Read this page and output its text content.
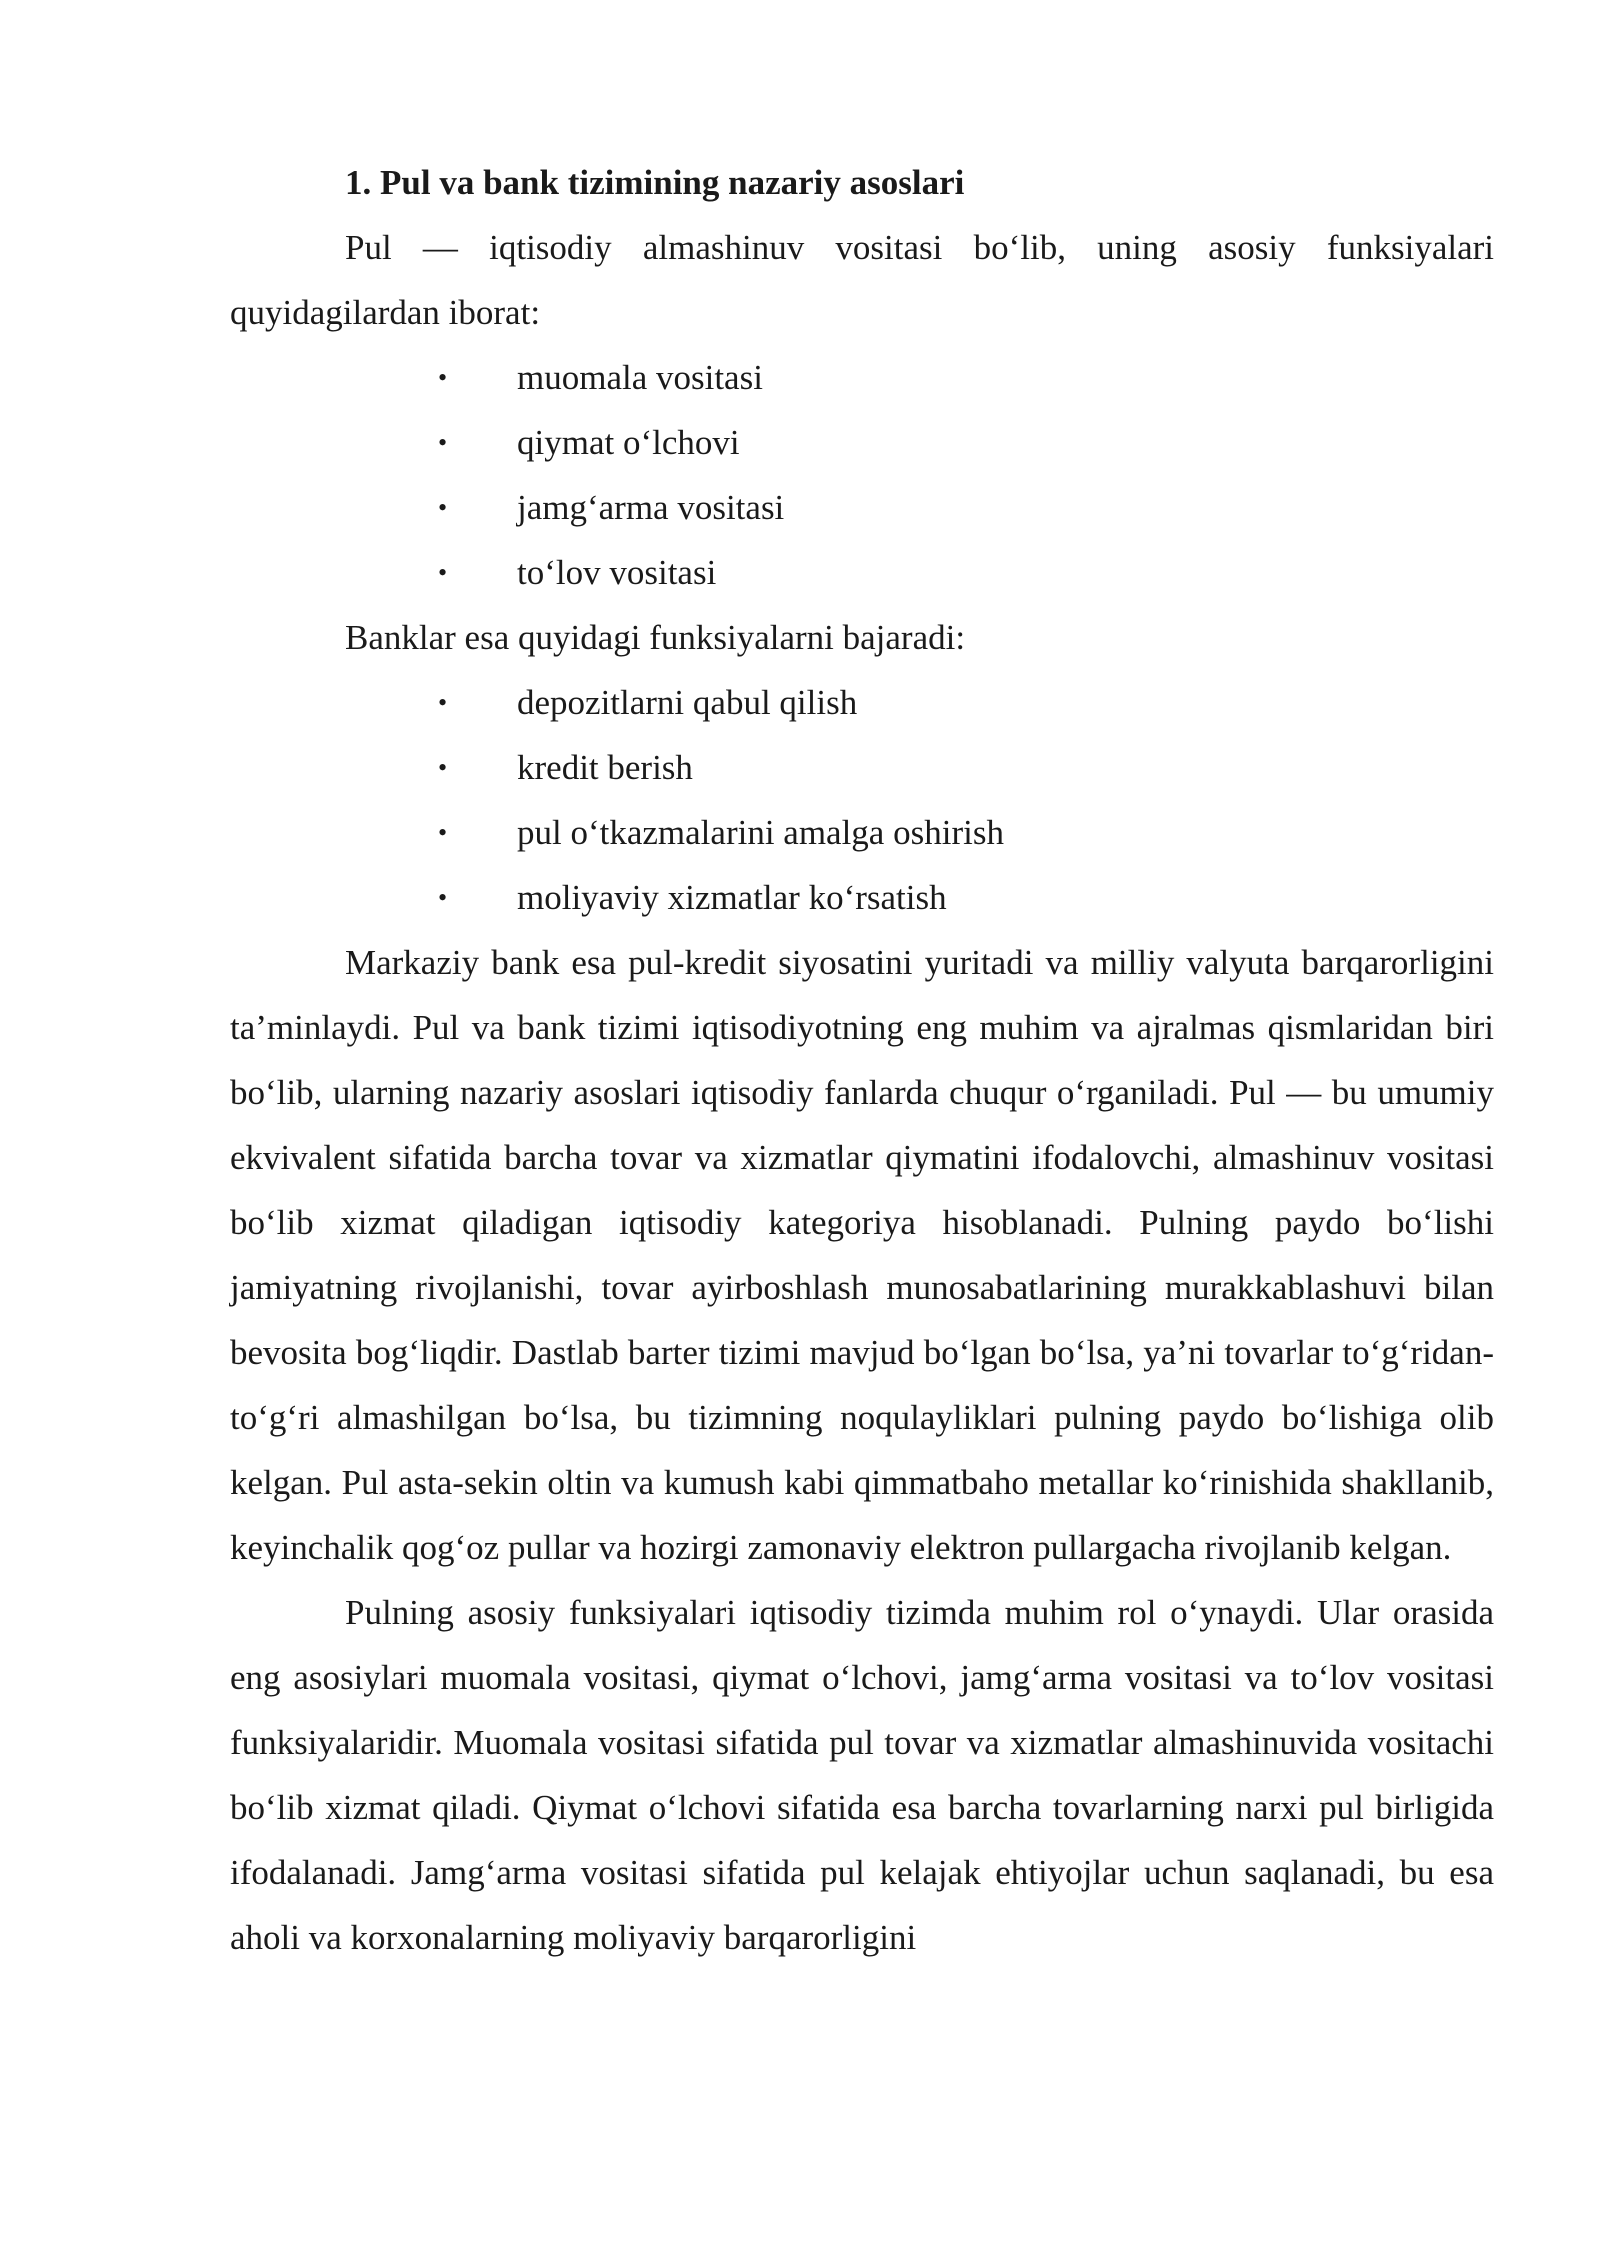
1. Pul va bank tizimining nazariy asoslari

Pul — iqtisodiy almashinuv vositasi bo‘lib, uning asosiy funksiyalari quyidagilardan iborat:

• muomala vositasi
• qiymat o‘lchovi
• jamg‘arma vositasi
• to‘lov vositasi

Banklar esa quyidagi funksiyalarni bajaradi:

• depozitlarni qabul qilish
• kredit berish
• pul o‘tkazmalarini amalga oshirish
• moliyaviy xizmatlar ko‘rsatish

Markaziy bank esa pul-kredit siyosatini yuritadi va milliy valyuta barqarorligini ta’minlaydi. Pul va bank tizimi iqtisodiyotning eng muhim va ajralmas qismlaridan biri bo‘lib, ularning nazariy asoslari iqtisodiy fanlarda chuqur o‘rganiladi. Pul — bu umumiy ekvivalent sifatida barcha tovar va xizmatlar qiymatini ifodalovchi, almashinuv vositasi bo‘lib xizmat qiladigan iqtisodiy kategoriya hisoblanadi. Pulning paydo bo‘lishi jamiyatning rivojlanishi, tovar ayirboshlash munosabatlarining murakkablashuvi bilan bevosita bog‘liqdir. Dastlab barter tizimi mavjud bo‘lgan bo‘lsa, ya’ni tovarlar to‘g‘ridan-to‘g‘ri almashilgan bo‘lsa, bu tizimning noqulayliklari pulning paydo bo‘lishiga olib kelgan. Pul asta-sekin oltin va kumush kabi qimmatbaho metallar ko‘rinishida shakllanib, keyinchalik qog‘oz pullar va hozirgi zamonaviy elektron pullargacha rivojlanib kelgan.

Pulning asosiy funksiyalari iqtisodiy tizimda muhim rol o‘ynaydi. Ular orasida eng asosiylari muomala vositasi, qiymat o‘lchovi, jamg‘arma vositasi va to‘lov vositasi funksiyalaridir. Muomala vositasi sifatida pul tovar va xizmatlar almashinuvida vositachi bo‘lib xizmat qiladi. Qiymat o‘lchovi sifatida esa barcha tovarlarning narxi pul birligida ifodalanadi. Jamg‘arma vositasi sifatida pul kelajak ehtiyojlar uchun saqlanadi, bu esa aholi va korxonalarning moliyaviy barqarorligini
